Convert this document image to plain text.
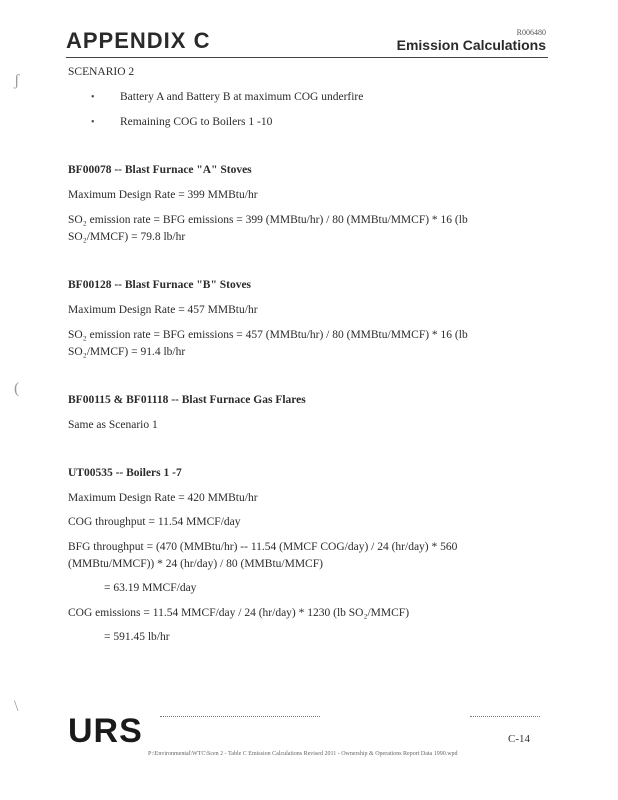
APPENDIX C	R006480
Emission Calculations
ʃ
(
\
SCENARIO 2
• Battery A and Battery B at maximum COG underfire
• Remaining COG to Boilers 1 -10
BF00078 -- Blast Furnace "A" Stoves
Maximum Design Rate = 399 MMBtu/hr
SO₂ emission rate = BFG emissions = 399 (MMBtu/hr) / 80 (MMBtu/MMCF) * 16 (lb
SO₂/MMCF) = 79.8 lb/hr
BF00128 -- Blast Furnace "B" Stoves
Maximum Design Rate = 457 MMBtu/hr
SO₂ emission rate = BFG emissions = 457 (MMBtu/hr) / 80 (MMBtu/MMCF) * 16 (lb
SO₂/MMCF) = 91.4 lb/hr
BF00115 & BF01118 -- Blast Furnace Gas Flares
Same as Scenario 1
UT00535 -- Boilers 1 -7
Maximum Design Rate = 420 MMBtu/hr
COG throughput = 11.54 MMCF/day
BFG throughput = (470 (MMBtu/hr) -- 11.54 (MMCF COG/day) / 24 (hr/day) * 560
(MMBtu/MMCF)) * 24 (hr/day) / 80 (MMBtu/MMCF)
= 63.19 MMCF/day
COG emissions = 11.54 MMCF/day / 24 (hr/day) * 1230 (lb SO₂/MMCF)
= 591.45 lb/hr
URS	C-14
P:\Environmental\WTC\Scen 2 - Table C Emission Calculations Revised 2011 - Ownership & Operations Report Data 1990.wpd
